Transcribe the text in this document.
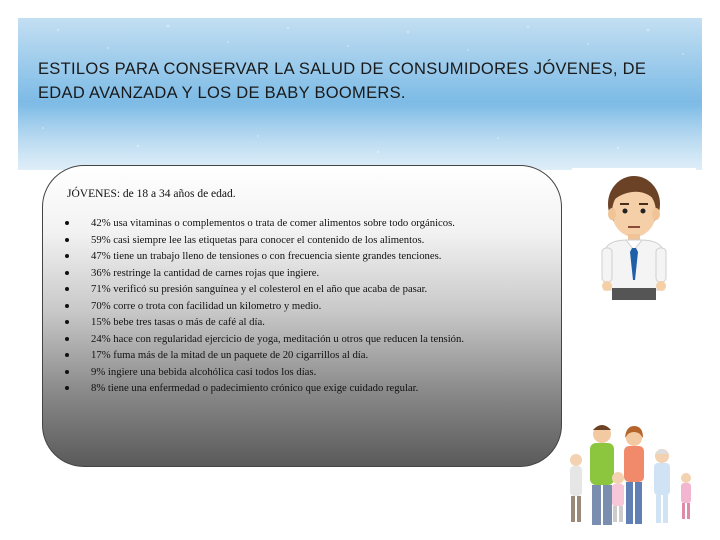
ESTILOS PARA CONSERVAR LA SALUD DE CONSUMIDORES JÓVENES, DE EDAD AVANZADA Y LOS DE BABY BOOMERS.

JÓVENES: de 18 a 34 años de edad.

42% usa vitaminas o complementos o trata de comer alimentos sobre todo orgánicos.
59% casi siempre lee las etiquetas para conocer el contenido de los alimentos.
47% tiene un trabajo lleno de tensiones o con frecuencia siente grandes tenciones.
36% restringe la cantidad de carnes rojas que ingiere.
71% verificó su presión sanguínea y el colesterol en el año que acaba de pasar.
70% corre o trota con facilidad un kilometro y medio.
15% bebe tres tasas o más de café al día.
24% hace con regularidad ejercicio de yoga, meditación u otros que reducen la tensión.
17% fuma más de la mitad de un paquete de 20 cigarrillos al día.
9% ingiere una bebida alcohólica casi todos los días.
8% tiene una enfermedad o padecimiento crónico que exige cuidado regular.
